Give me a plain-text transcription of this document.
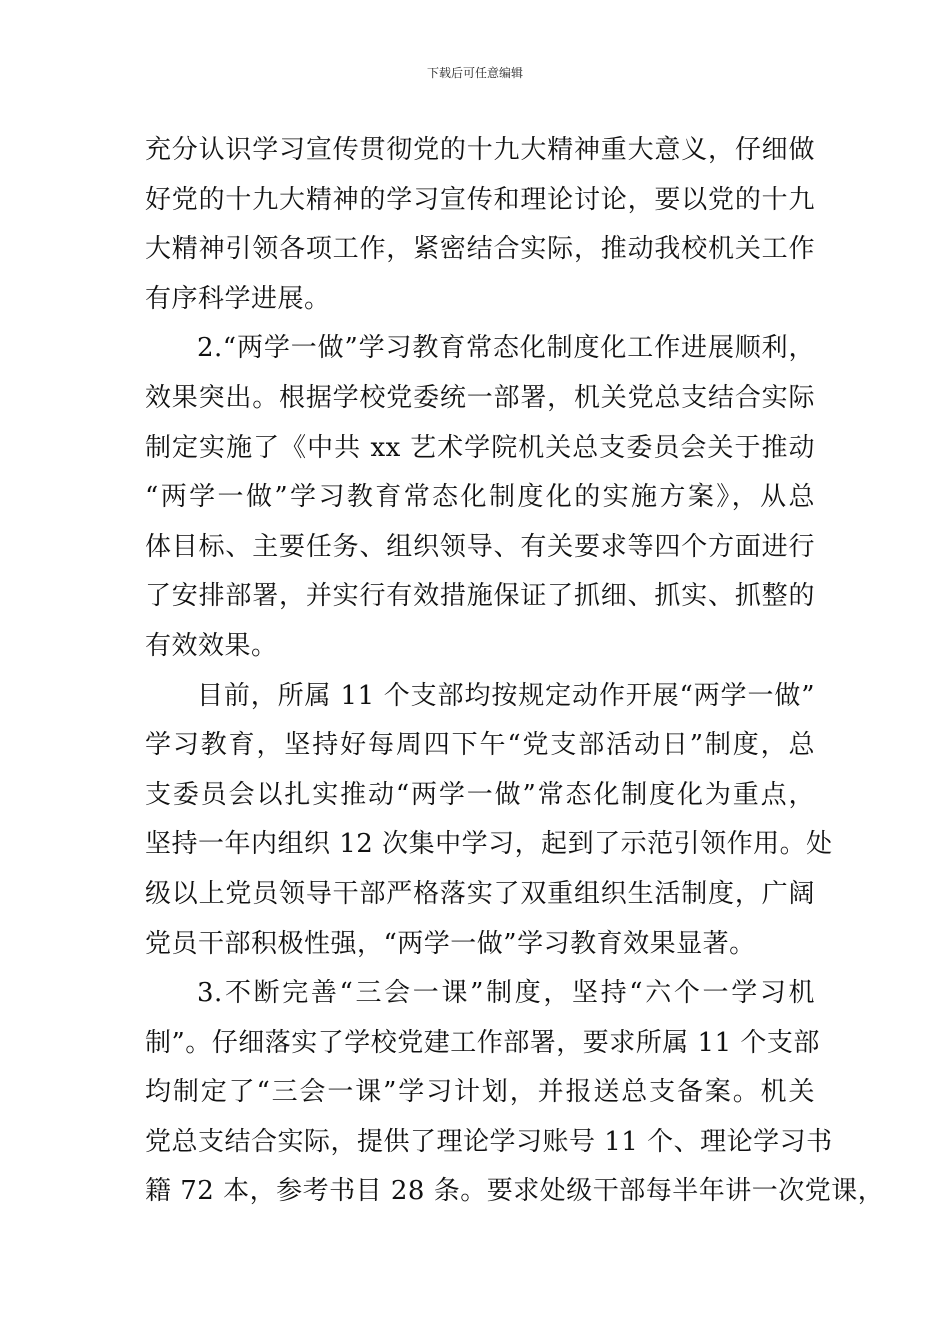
下载后可任意编辑
充分认识学习宣传贯彻党的十九大精神重大意义，仔细做
好党的十九大精神的学习宣传和理论讨论，要以党的十九
大精神引领各项工作，紧密结合实际，推动我校机关工作
有序科学进展。
2.“两学一做”学习教育常态化制度化工作进展顺利，
效果突出。根据学校党委统一部署，机关党总支结合实际
制定实施了《中共 xx 艺术学院机关总支委员会关于推动
“两学一做”学习教育常态化制度化的实施方案》，从总
体目标、主要任务、组织领导、有关要求等四个方面进行
了安排部署，并实行有效措施保证了抓细、抓实、抓整的
有效效果。
目前，所属 11 个支部均按规定动作开展“两学一做”
学习教育，坚持好每周四下午“党支部活动日”制度，总
支委员会以扎实推动“两学一做”常态化制度化为重点，
坚持一年内组织 12 次集中学习，起到了示范引领作用。处
级以上党员领导干部严格落实了双重组织生活制度，广阔
党员干部积极性强，“两学一做”学习教育效果显著。
3.不断完善“三会一课”制度，坚持“六个一学习机
制”。仔细落实了学校党建工作部署，要求所属 11 个支部
均制定了“三会一课”学习计划，并报送总支备案。机关
党总支结合实际，提供了理论学习账号 11 个、理论学习书
籍 72 本，参考书目 28 条。要求处级干部每半年讲一次党课，
